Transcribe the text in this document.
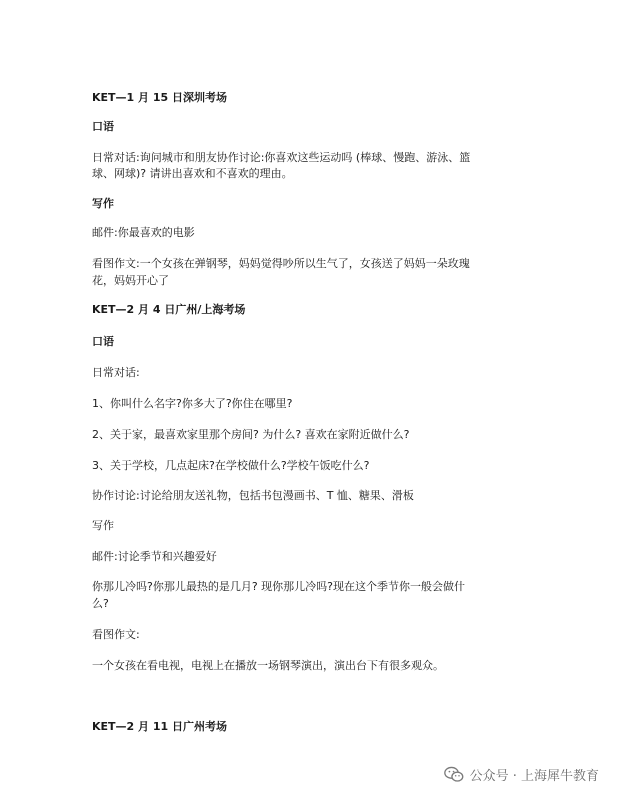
KET—1 月 15 日深圳考场
口语
日常对话:询问城市和朋友协作讨论:你喜欢这些运动吗 (棒球、慢跑、游泳、篮
球、网球)? 请讲出喜欢和不喜欢的理由。
写作
邮件:你最喜欢的电影
看图作文:一个女孩在弹钢琴，妈妈觉得吵所以生气了，女孩送了妈妈一朵玫瑰
花，妈妈开心了
KET—2 月 4 日广州/上海考场
口语
日常对话:
1、你叫什么名字?你多大了?你住在哪里?
2、关于家，最喜欢家里那个房间? 为什么? 喜欢在家附近做什么?
3、关于学校，几点起床?在学校做什么?学校午饭吃什么?
协作讨论:讨论给朋友送礼物，包括书包漫画书、T 恤、糖果、滑板
写作
邮件:讨论季节和兴趣爱好
你那儿冷吗?你那儿最热的是几月? 现你那儿冷吗?现在这个季节你一般会做什
么?
看图作文:
一个女孩在看电视，电视上在播放一场钢琴演出，演出台下有很多观众。
KET—2 月 11 日广州考场
公众号 · 上海犀牛教育
